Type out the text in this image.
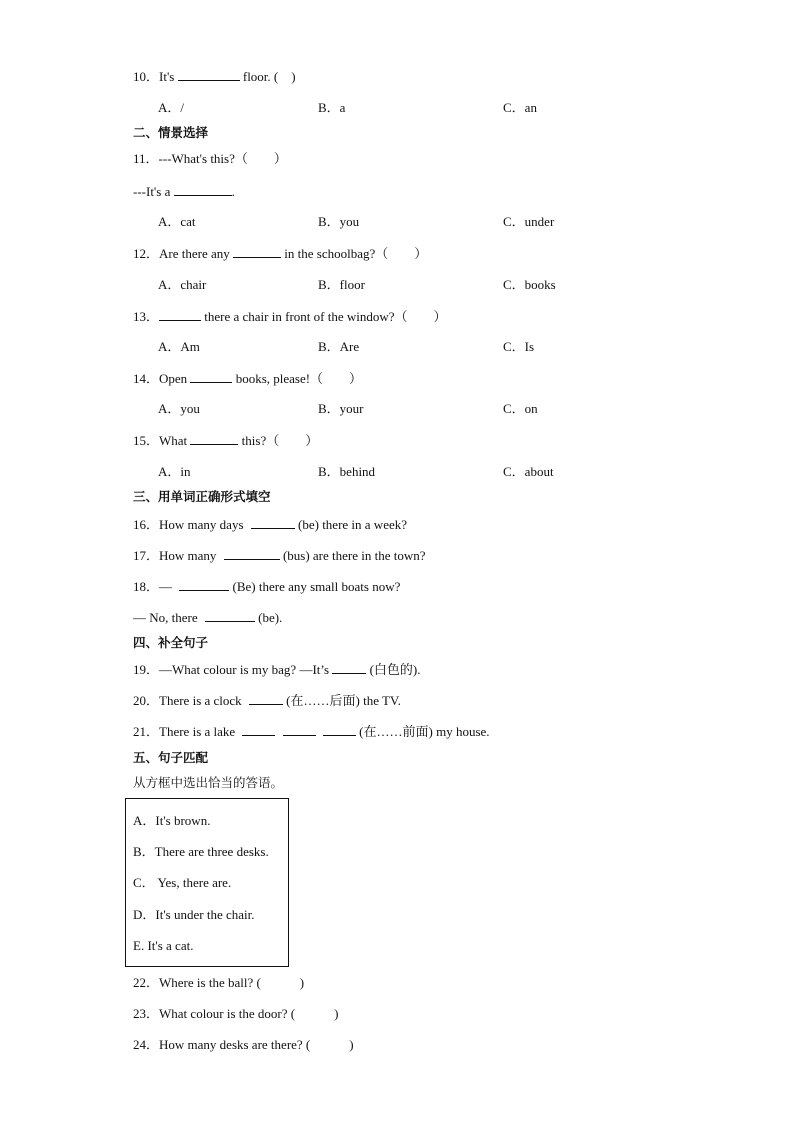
10．It's	floor. (　)
A．/	B．a	C．an
二、情景选择
11．---What's this?（　　）
---It's a	.
A．cat	B．you	C．under
12．Are there any	in the schoolbag?（　　）
A．chair	B．floor	C．books
13．	there a chair in front of the window?（　　）
A．Am	B．Are	C．Is
14．Open	books, please!（　　）
A．you	B．your	C．on
15．What	this?（　　）
A．in	B．behind	C．about
三、用单词正确形式填空
16．How many days	(be) there in a week?
17．How many	(bus) are there in the town?
18．—	(Be) there any small boats now?
— No, there	(be).
四、补全句子
19．—What colour is my bag? —It’s	(白色的).
20．There is a clock	(在……后面) the TV.
21．There is a lake	(在……前面) my house.
五、句子匹配
从方框中选出恰当的答语。
A．It's brown.
B．There are three desks.
C． Yes, there are.
D．It's under the chair.
E. It's a cat.
22．Where is the ball? (　　　)
23．What colour is the door? (　　　)
24．How many desks are there? (　　　)
